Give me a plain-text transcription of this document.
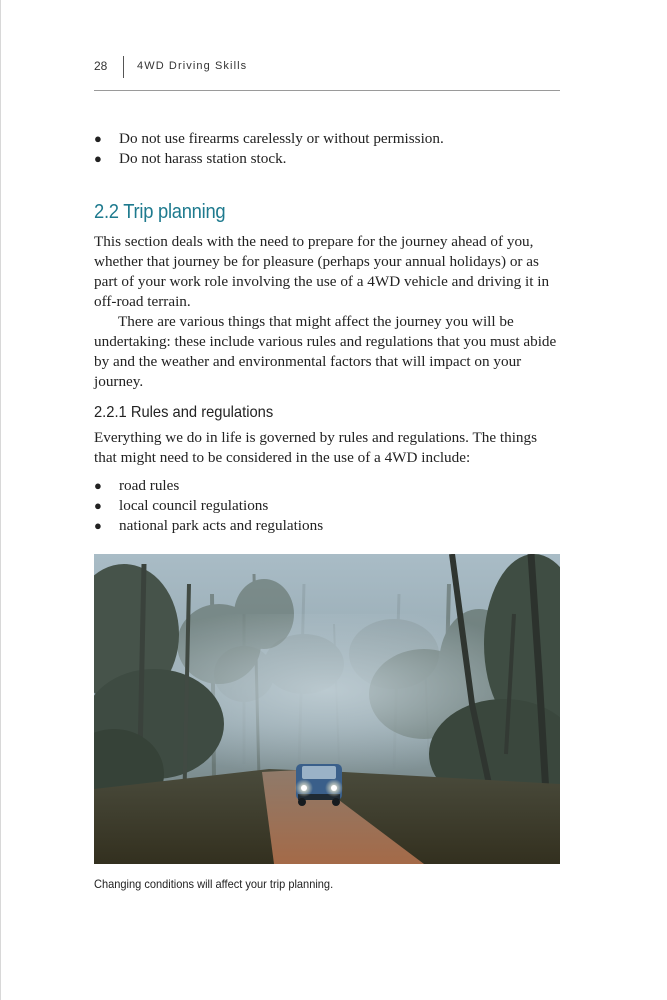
28	4WD Driving Skills
● Do not use firearms carelessly or without permission.
● Do not harass station stock.
2.2 Trip planning

This section deals with the need to prepare for the journey ahead of you, whether that journey be for pleasure (perhaps your annual holidays) or as part of your work role involving the use of a 4WD vehicle and driving it in off-road terrain.

There are various things that might affect the journey you will be undertaking: these include various rules and regulations that you must abide by and the weather and environmental factors that will impact on your journey.

2.2.1 Rules and regulations

Everything we do in life is governed by rules and regulations. The things that might need to be considered in the use of a 4WD include:

● road rules
● local council regulations
● national park acts and regulations
Changing conditions will affect your trip planning.
